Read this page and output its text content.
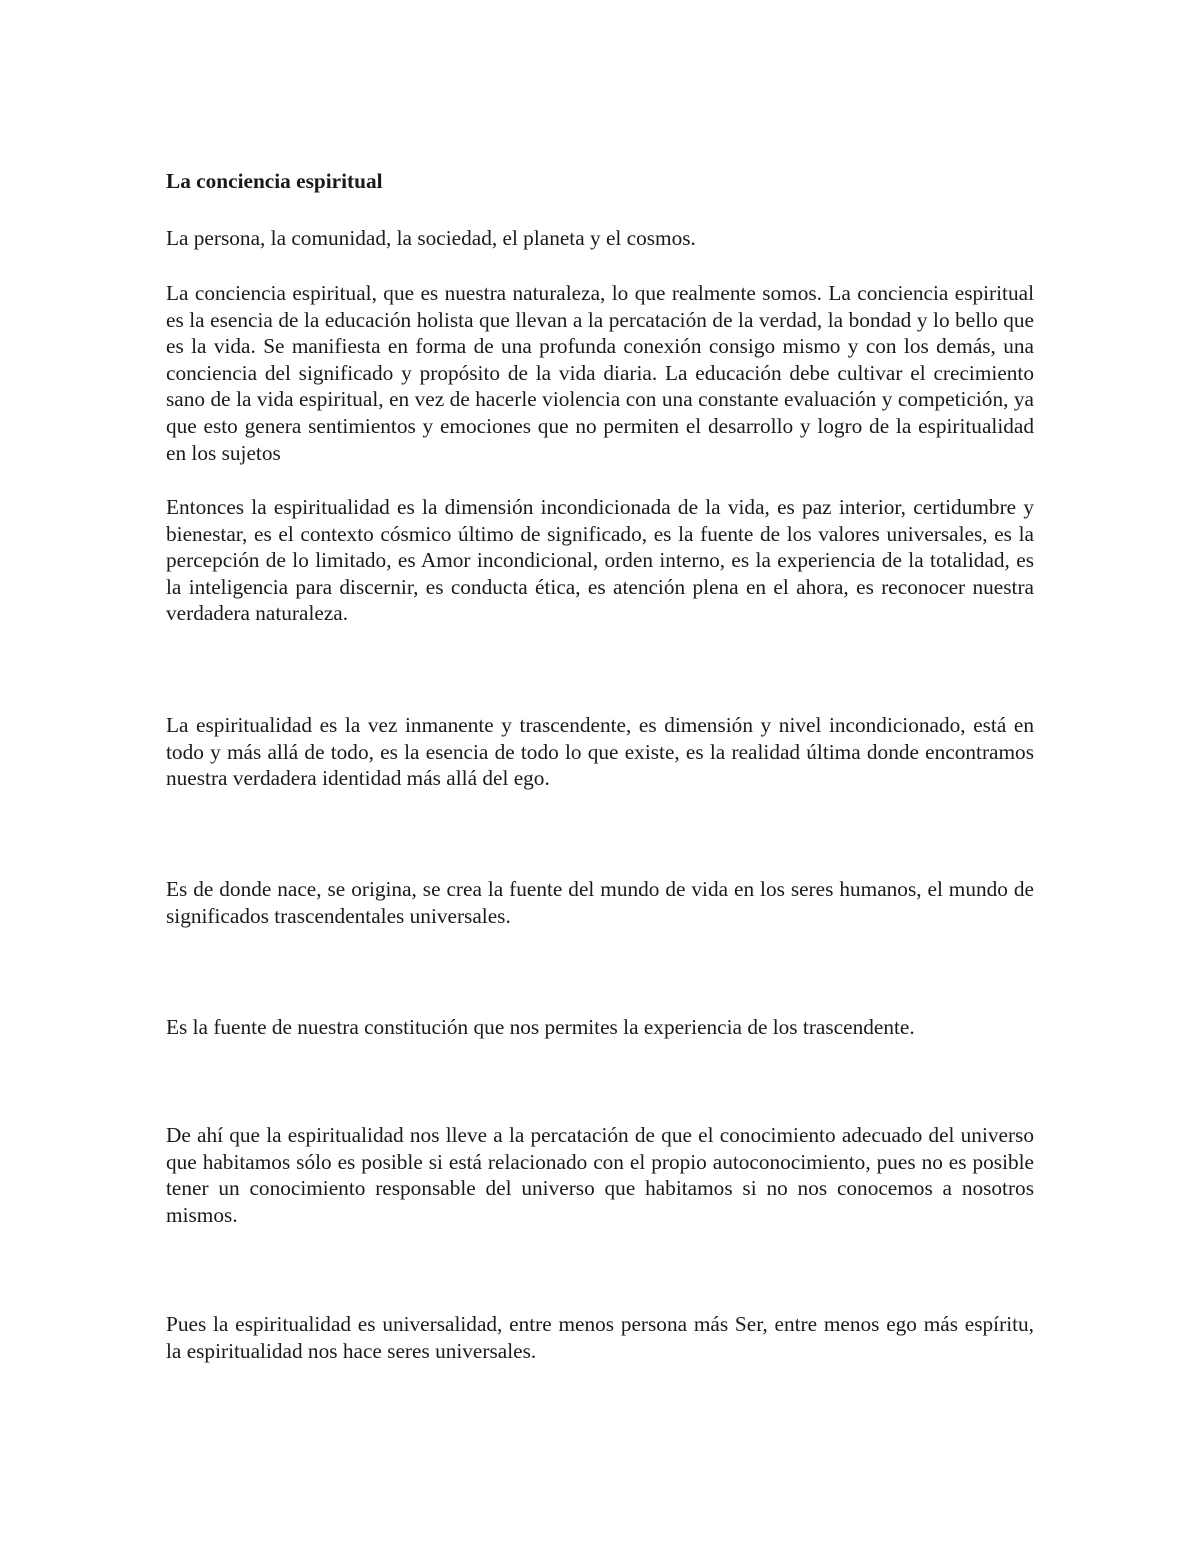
La conciencia espiritual

La persona, la comunidad, la sociedad, el planeta y el cosmos.

La conciencia espiritual, que es nuestra naturaleza, lo que realmente somos. La conciencia espiritual es la esencia de la educación holista que llevan a la percatación de la verdad, la bondad y lo bello que es la vida. Se manifiesta en forma de una profunda conexión consigo mismo y con los demás, una conciencia del significado y propósito de la vida diaria. La educación debe cultivar el crecimiento sano de la vida espiritual, en vez de hacerle violencia con una constante evaluación y competición, ya que esto genera sentimientos y emociones que no permiten el desarrollo y logro de la espiritualidad en los sujetos

Entonces la espiritualidad es la dimensión incondicionada de la vida, es paz interior, certidumbre y bienestar, es el contexto cósmico último de significado, es la fuente de los valores universales, es la percepción de lo limitado, es Amor incondicional, orden interno, es la experiencia de la totalidad, es la inteligencia para discernir, es conducta ética, es atención plena en el ahora, es reconocer nuestra verdadera naturaleza.

La espiritualidad es la vez inmanente y trascendente, es dimensión y nivel incondicionado, está en todo y más allá de todo, es la esencia de todo lo que existe, es la realidad última donde encontramos nuestra verdadera identidad más allá del ego.

Es de donde nace, se origina, se crea la fuente del mundo de vida en los seres humanos, el mundo de significados trascendentales universales.

Es la fuente de nuestra constitución que nos permites la experiencia de los trascendente.

De ahí que la espiritualidad nos lleve a la percatación de que el conocimiento adecuado del universo que habitamos sólo es posible si está relacionado con el propio autoconocimiento, pues no es posible tener un conocimiento responsable del universo que habitamos si no nos conocemos a nosotros mismos.

Pues la espiritualidad es universalidad, entre menos persona más Ser, entre menos ego más espíritu, la espiritualidad nos hace seres universales.
